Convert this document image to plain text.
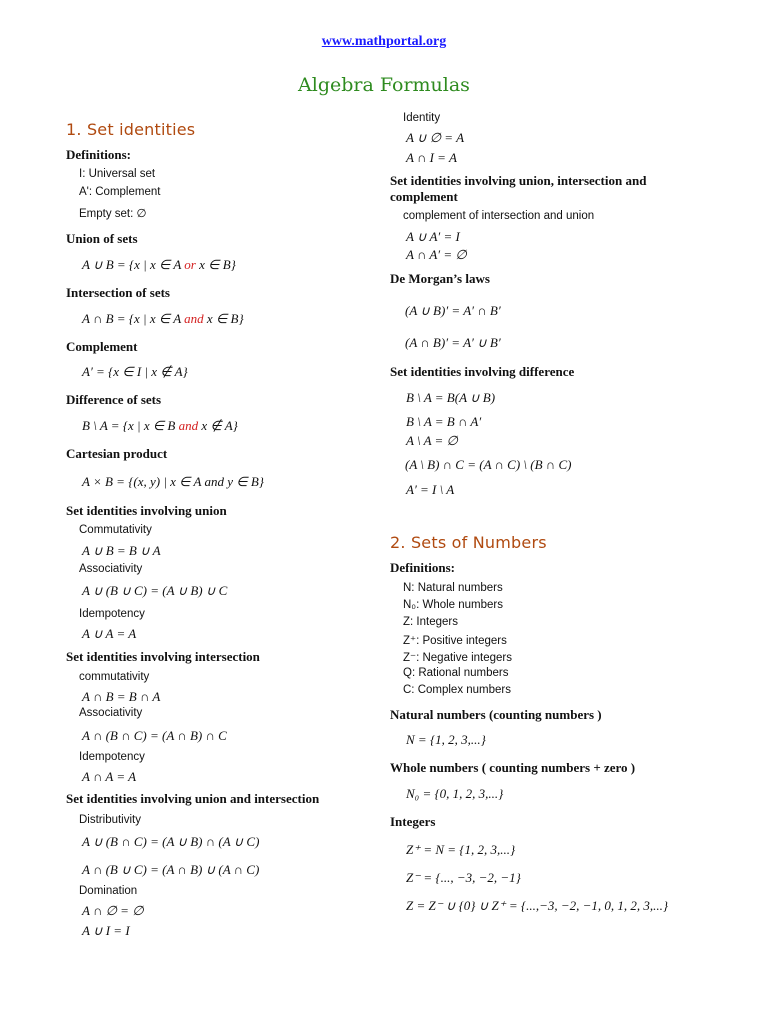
www.mathportal.org
Algebra Formulas
1. Set identities
Definitions:
I: Universal set
A': Complement
Empty set: ∅
Union of sets
A ∪ B = {x | x ∈ A or x ∈ B}
Intersection of sets
A ∩ B = {x | x ∈ A and x ∈ B}
Complement
A′ = {x ∈ I | x ∉ A}
Difference of sets
B \ A = {x | x ∈ B and x ∉ A}
Cartesian product
A × B = {(x, y) | x ∈ A and y ∈ B}
Set identities involving union
Commutativity
A ∪ B = B ∪ A
Associativity
A ∪ (B ∪ C) = (A ∪ B) ∪ C
Idempotency
A ∪ A = A
Set identities involving intersection
commutativity
A ∩ B = B ∩ A
Associativity
A ∩ (B ∩ C) = (A ∩ B) ∩ C
Idempotency
A ∩ A = A
Set identities involving union and intersection
Distributivity
A ∪ (B ∩ C) = (A ∪ B) ∩ (A ∪ C)
A ∩ (B ∪ C) = (A ∩ B) ∪ (A ∩ C)
Domination
A ∩ ∅ = ∅
A ∪ I = I
Identity
A ∪ ∅ = A
A ∩ I = A
Set identities involving union, intersection and
complement
complement of intersection and union
A ∪ A′ = I
A ∩ A′ = ∅
De Morgan’s laws
(A ∪ B)′ = A′ ∩ B′
(A ∩ B)′ = A′ ∪ B′
Set identities involving difference
B \ A = B(A ∪ B)
B \ A = B ∩ A′
A \ A = ∅
(A \ B) ∩ C = (A ∩ C) \ (B ∩ C)
A′ = I \ A
2. Sets of Numbers
Definitions:
N: Natural numbers
N₀: Whole numbers
Z: Integers
Z⁺: Positive integers
Z⁻: Negative integers
Q: Rational numbers
C: Complex numbers
Natural numbers (counting numbers )
N = {1, 2, 3,...}
Whole numbers ( counting numbers + zero )
N₀ = {0, 1, 2, 3,...}
Integers
Z⁺ = N = {1, 2, 3,...}
Z⁻ = {..., −3, −2, −1}
Z = Z⁻ ∪ {0} ∪ Z⁺ = {...,−3, −2, −1, 0, 1, 2, 3,...}
